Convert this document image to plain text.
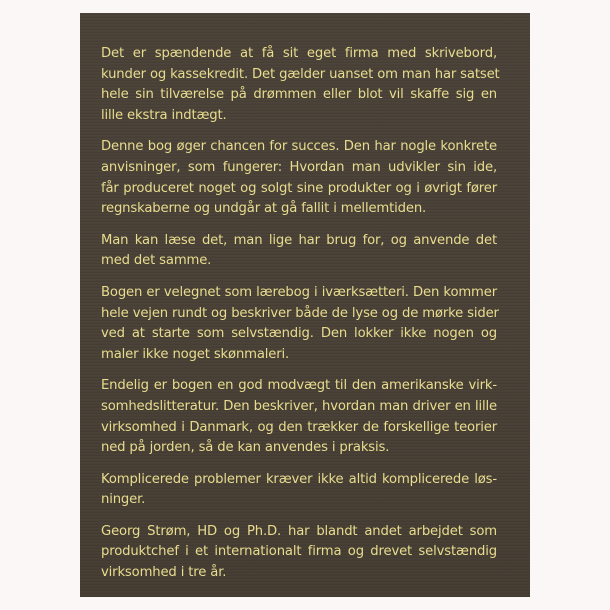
Det er spændende at få sit eget firma med skrivebord,
kunder og kassekredit. Det gælder uanset om man har satset
hele sin tilværelse på drømmen eller blot vil skaffe sig en
lille ekstra indtægt.

Denne bog øger chancen for succes. Den har nogle konkrete
anvisninger, som fungerer: Hvordan man udvikler sin ide,
får produceret noget og solgt sine produkter og i øvrigt fører
regnskaberne og undgår at gå fallit i mellemtiden.

Man kan læse det, man lige har brug for, og anvende det
med det samme.

Bogen er velegnet som lærebog i iværksætteri. Den kommer
hele vejen rundt og beskriver både de lyse og de mørke sider
ved at starte som selvstændig. Den lokker ikke nogen og
maler ikke noget skønmaleri.

Endelig er bogen en god modvægt til den amerikanske virk-
somhedslitteratur. Den beskriver, hvordan man driver en lille
virksomhed i Danmark, og den trækker de forskellige teorier
ned på jorden, så de kan anvendes i praksis.

Komplicerede problemer kræver ikke altid komplicerede løs-
ninger.

Georg Strøm, HD og Ph.D. har blandt andet arbejdet som
produktchef i et internationalt firma og drevet selvstændig
virksomhed i tre år.
